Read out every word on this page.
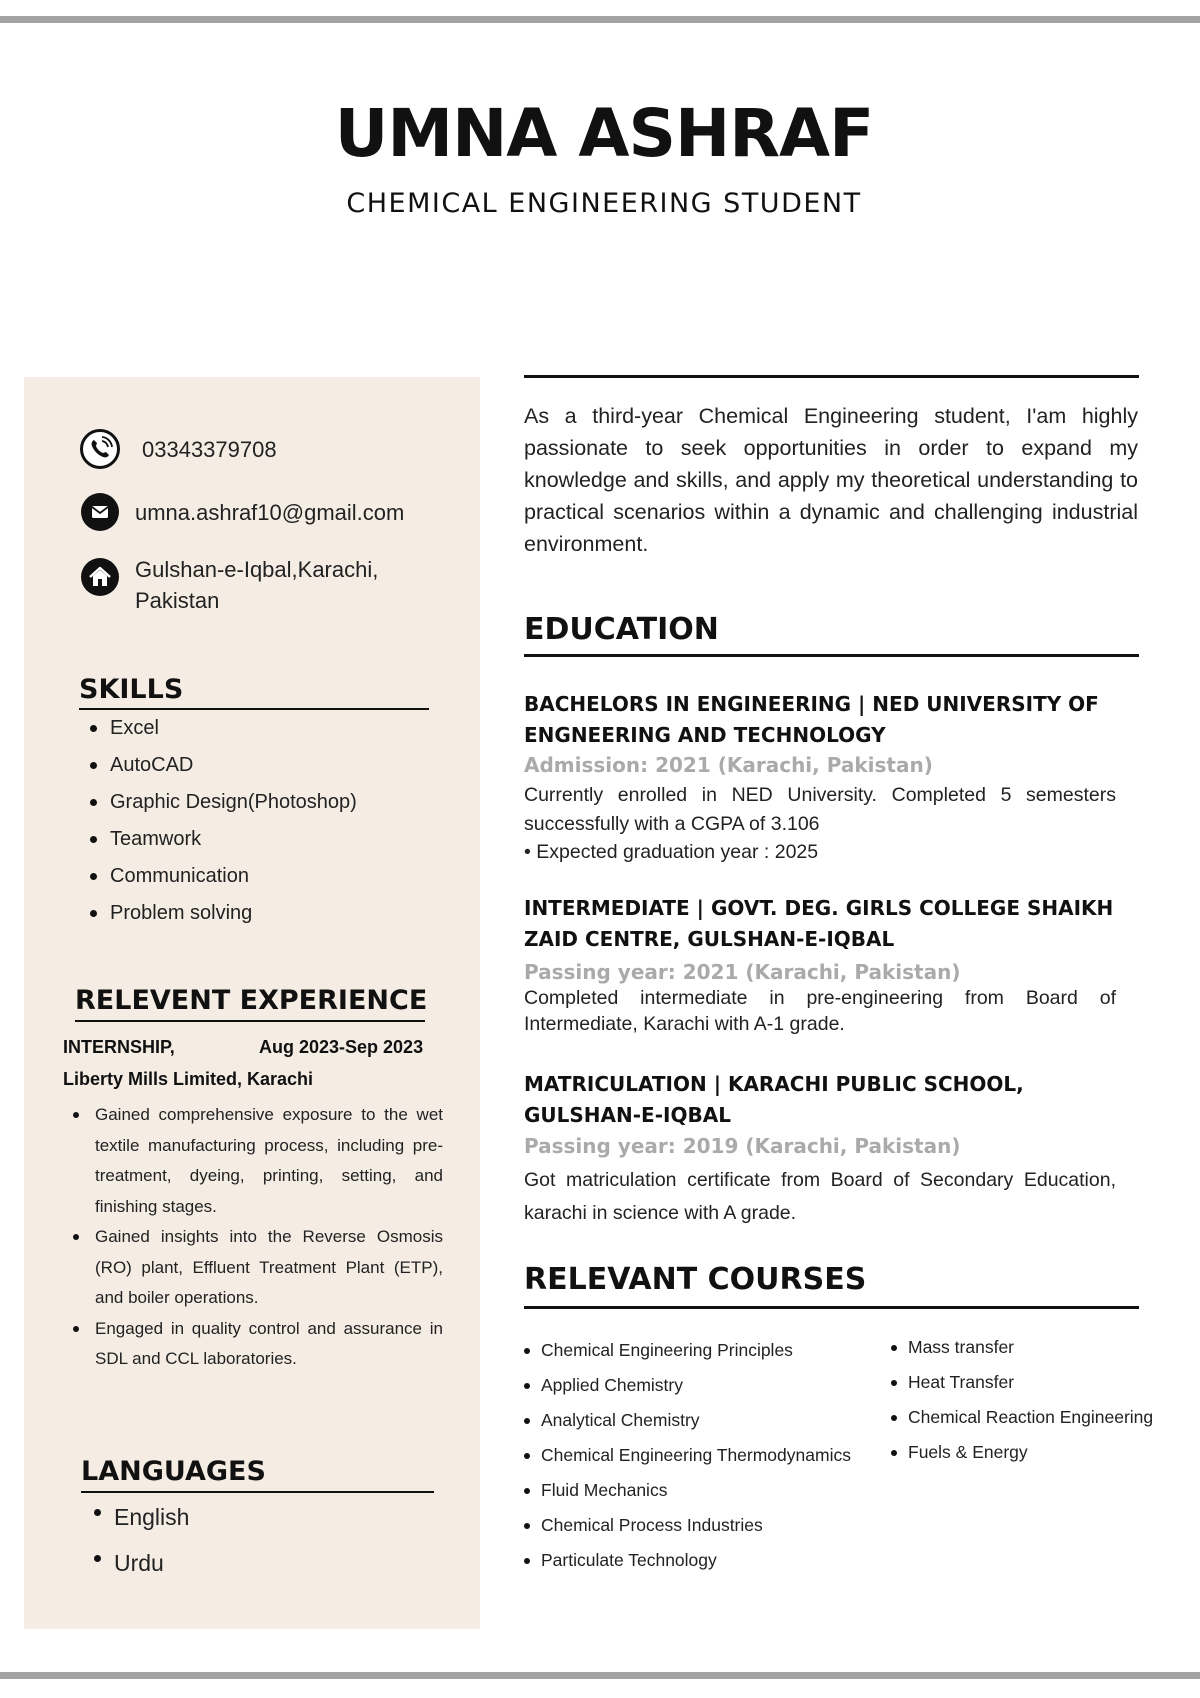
UMNA ASHRAF
CHEMICAL ENGINEERING STUDENT
03343379708
umna.ashraf10@gmail.com
Gulshan-e-Iqbal,Karachi,
Pakistan
SKILLS
Excel
AutoCAD
Graphic Design(Photoshop)
Teamwork
Communication
Problem solving
RELEVENT EXPERIENCE
INTERNSHIP,	Aug 2023-Sep 2023
Liberty Mills Limited, Karachi
Gained comprehensive exposure to the wet textile manufacturing process, including pre-treatment, dyeing, printing, setting, and finishing stages.
Gained insights into the Reverse Osmosis (RO) plant, Effluent Treatment Plant (ETP), and boiler operations.
Engaged in quality control and assurance in SDL and CCL laboratories.
LANGUAGES
English
Urdu
As a third-year Chemical Engineering student, I'am highly passionate to seek opportunities in order to expand my knowledge and skills, and apply my theoretical understanding to practical scenarios within a dynamic and challenging industrial environment.
EDUCATION
BACHELORS IN ENGINEERING | NED UNIVERSITY OF ENGNEERING AND TECHNOLOGY
Admission: 2021 (Karachi, Pakistan)
Currently enrolled in NED University. Completed 5 semesters successfully with a CGPA of 3.106
• Expected graduation year : 2025
INTERMEDIATE | GOVT. DEG. GIRLS COLLEGE SHAIKH ZAID CENTRE, GULSHAN-E-IQBAL
Passing year: 2021 (Karachi, Pakistan)
Completed intermediate in pre-engineering from Board of Intermediate, Karachi with A-1 grade.
MATRICULATION | KARACHI PUBLIC SCHOOL, GULSHAN-E-IQBAL
Passing year: 2019 (Karachi, Pakistan)
Got matriculation certificate from Board of Secondary Education, karachi in science with A grade.
RELEVANT COURSES
Chemical Engineering Principles
Applied Chemistry
Analytical Chemistry
Chemical Engineering Thermodynamics
Fluid Mechanics
Chemical Process Industries
Particulate Technology
Mass transfer
Heat Transfer
Chemical Reaction Engineering
Fuels & Energy
